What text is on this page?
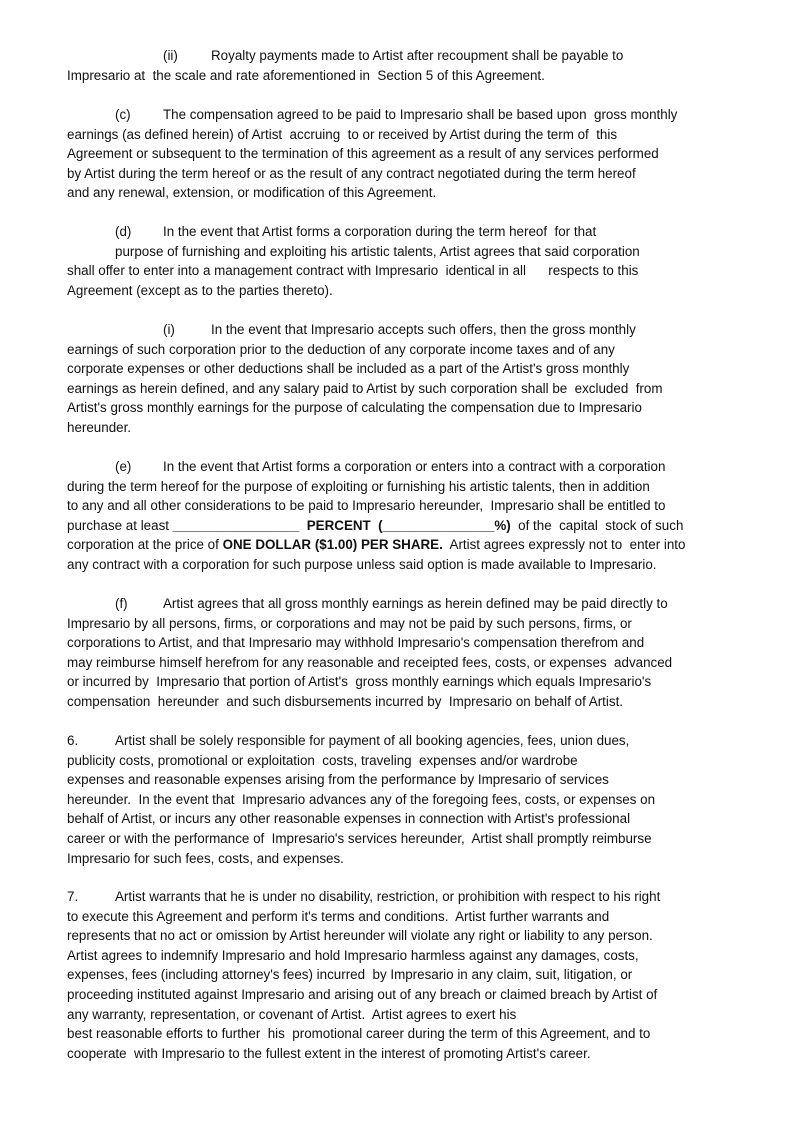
(ii) Royalty payments made to Artist after recoupment shall be payable to
Impresario at  the scale and rate aforementioned in  Section 5 of this Agreement.
(c) The compensation agreed to be paid to Impresario shall be based upon  gross monthly
earnings (as defined herein) of Artist  accruing  to or received by Artist during the term of  this
Agreement or subsequent to the termination of this agreement as a result of any services performed
by Artist during the term hereof or as the result of any contract negotiated during the term hereof
and any renewal, extension, or modification of this Agreement.
(d) In the event that Artist forms a corporation during the term hereof  for that
purpose of furnishing and exploiting his artistic talents, Artist agrees that said corporation
shall offer to enter into a management contract with Impresario  identical in all      respects to this
Agreement (except as to the parties thereto).
(i)	In the event that Impresario accepts such offers, then the gross monthly
earnings of such corporation prior to the deduction of any corporate income taxes and of any
corporate expenses or other deductions shall be included as a part of the Artist's gross monthly
earnings as herein defined, and any salary paid to Artist by such corporation shall be  excluded  from
Artist's gross monthly earnings for the purpose of calculating the compensation due to Impresario
hereunder.
(e) In the event that Artist forms a corporation or enters into a contract with a corporation
during the term hereof for the purpose of exploiting or furnishing his artistic talents, then in addition
to any and all other considerations to be paid to Impresario hereunder,  Impresario shall be entitled to
purchase at least _________________  PERCENT  (_______________%)  of the  capital  stock of such
corporation at the price of ONE DOLLAR ($1.00) PER SHARE.  Artist agrees expressly not to  enter into
any contract with a corporation for such purpose unless said option is made available to Impresario.
(f)	Artist agrees that all gross monthly earnings as herein defined may be paid directly to
Impresario by all persons, firms, or corporations and may not be paid by such persons, firms, or
corporations to Artist, and that Impresario may withhold Impresario's compensation therefrom and
may reimburse himself herefrom for any reasonable and receipted fees, costs, or expenses  advanced
or incurred by  Impresario that portion of Artist's  gross monthly earnings which equals Impresario's
compensation  hereunder  and such disbursements incurred by  Impresario on behalf of Artist.
6.	Artist shall be solely responsible for payment of all booking agencies, fees, union dues,
publicity costs, promotional or exploitation  costs, traveling  expenses and/or wardrobe
expenses and reasonable expenses arising from the performance by Impresario of services
hereunder.  In the event that  Impresario advances any of the foregoing fees, costs, or expenses on
behalf of Artist, or incurs any other reasonable expenses in connection with Artist's professional
career or with the performance of  Impresario's services hereunder,  Artist shall promptly reimburse
Impresario for such fees, costs, and expenses.
7.	Artist warrants that he is under no disability, restriction, or prohibition with respect to his right
to execute this Agreement and perform it's terms and conditions.  Artist further warrants and
represents that no act or omission by Artist hereunder will violate any right or liability to any person.
Artist agrees to indemnify Impresario and hold Impresario harmless against any damages, costs,
expenses, fees (including attorney's fees) incurred  by Impresario in any claim, suit, litigation, or
proceeding instituted against Impresario and arising out of any breach or claimed breach by Artist of
any warranty, representation, or covenant of Artist.  Artist agrees to exert his
best reasonable efforts to further  his  promotional career during the term of this Agreement, and to
cooperate  with Impresario to the fullest extent in the interest of promoting Artist's career.
